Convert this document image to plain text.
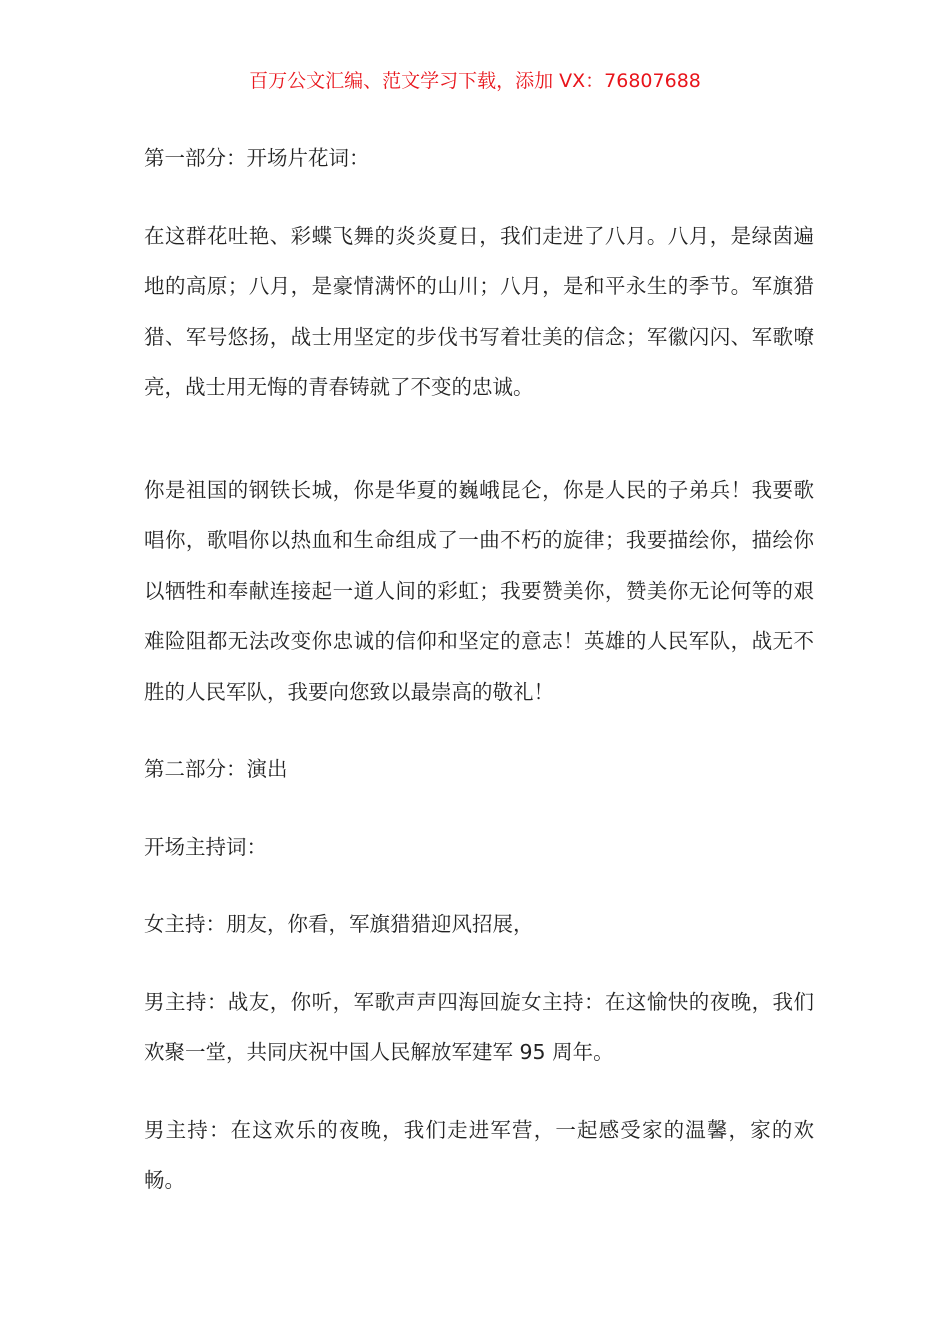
百万公文汇编、范文学习下载，添加 VX：76807688

第一部分：开场片花词：

在这群花吐艳、彩蝶飞舞的炎炎夏日，我们走进了八月。八月，是绿茵遍地的高原；八月，是豪情满怀的山川；八月，是和平永生的季节。军旗猎猎、军号悠扬，战士用坚定的步伐书写着壮美的信念；军徽闪闪、军歌嘹亮，战士用无悔的青春铸就了不变的忠诚。

你是祖国的钢铁长城，你是华夏的巍峨昆仑，你是人民的子弟兵！我要歌唱你，歌唱你以热血和生命组成了一曲不朽的旋律；我要描绘你，描绘你以牺牲和奉献连接起一道人间的彩虹；我要赞美你，赞美你无论何等的艰难险阻都无法改变你忠诚的信仰和坚定的意志！英雄的人民军队，战无不胜的人民军队，我要向您致以最崇高的敬礼！

第二部分：演出

开场主持词：

女主持：朋友，你看，军旗猎猎迎风招展，

男主持：战友，你听，军歌声声四海回旋女主持：在这愉快的夜晚，我们欢聚一堂，共同庆祝中国人民解放军建军 95 周年。

男主持：在这欢乐的夜晚，我们走进军营，一起感受家的温馨，家的欢畅。
